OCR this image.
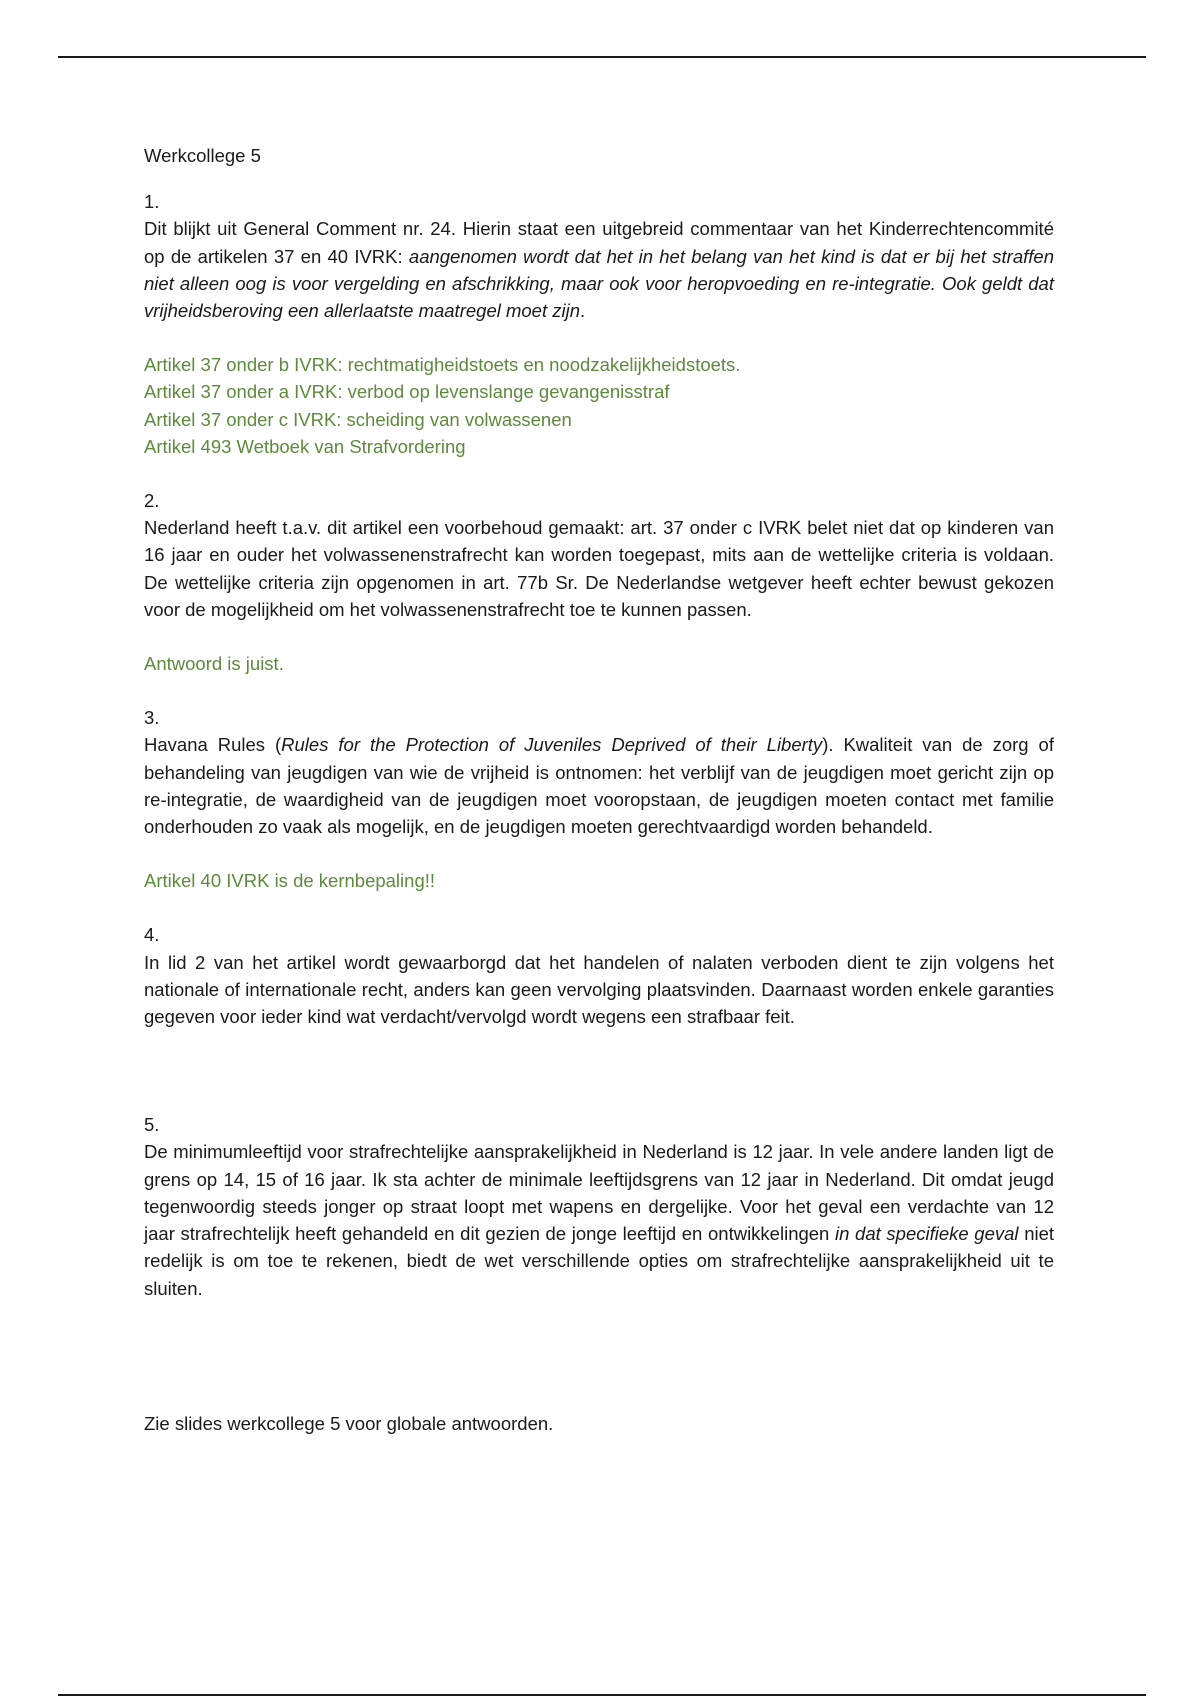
Werkcollege 5

1.

Dit blijkt uit General Comment nr. 24. Hierin staat een uitgebreid commentaar van het Kinderrechtencommité op de artikelen 37 en 40 IVRK: aangenomen wordt dat het in het belang van het kind is dat er bij het straffen niet alleen oog is voor vergelding en afschrikking, maar ook voor heropvoeding en re-integratie. Ook geldt dat vrijheidsberoving een allerlaatste maatregel moet zijn.

Artikel 37 onder b IVRK: rechtmatigheidstoets en noodzakelijkheidstoets.

Artikel 37 onder a IVRK: verbod op levenslange gevangenisstraf

Artikel 37 onder c IVRK: scheiding van volwassenen

Artikel 493 Wetboek van Strafvordering

2.

Nederland heeft t.a.v. dit artikel een voorbehoud gemaakt: art. 37 onder c IVRK belet niet dat op kinderen van 16 jaar en ouder het volwassenenstrafrecht kan worden toegepast, mits aan de wettelijke criteria is voldaan. De wettelijke criteria zijn opgenomen in art. 77b Sr. De Nederlandse wetgever heeft echter bewust gekozen voor de mogelijkheid om het volwassenenstrafrecht toe te kunnen passen.

Antwoord is juist.

3.

Havana Rules (Rules for the Protection of Juveniles Deprived of their Liberty). Kwaliteit van de zorg of behandeling van jeugdigen van wie de vrijheid is ontnomen: het verblijf van de jeugdigen moet gericht zijn op re-integratie, de waardigheid van de jeugdigen moet vooropstaan, de jeugdigen moeten contact met familie onderhouden zo vaak als mogelijk, en de jeugdigen moeten gerechtvaardigd worden behandeld.

Artikel 40 IVRK is de kernbepaling!!

4.

In lid 2 van het artikel wordt gewaarborgd dat het handelen of nalaten verboden dient te zijn volgens het nationale of internationale recht, anders kan geen vervolging plaatsvinden. Daarnaast worden enkele garanties gegeven voor ieder kind wat verdacht/vervolgd wordt wegens een strafbaar feit.

5.

De minimumleeftijd voor strafrechtelijke aansprakelijkheid in Nederland is 12 jaar. In vele andere landen ligt de grens op 14, 15 of 16 jaar. Ik sta achter de minimale leeftijdsgrens van 12 jaar in Nederland. Dit omdat jeugd tegenwoordig steeds jonger op straat loopt met wapens en dergelijke. Voor het geval een verdachte van 12 jaar strafrechtelijk heeft gehandeld en dit gezien de jonge leeftijd en ontwikkelingen in dat specifieke geval niet redelijk is om toe te rekenen, biedt de wet verschillende opties om strafrechtelijke aansprakelijkheid uit te sluiten.

Zie slides werkcollege 5 voor globale antwoorden.
